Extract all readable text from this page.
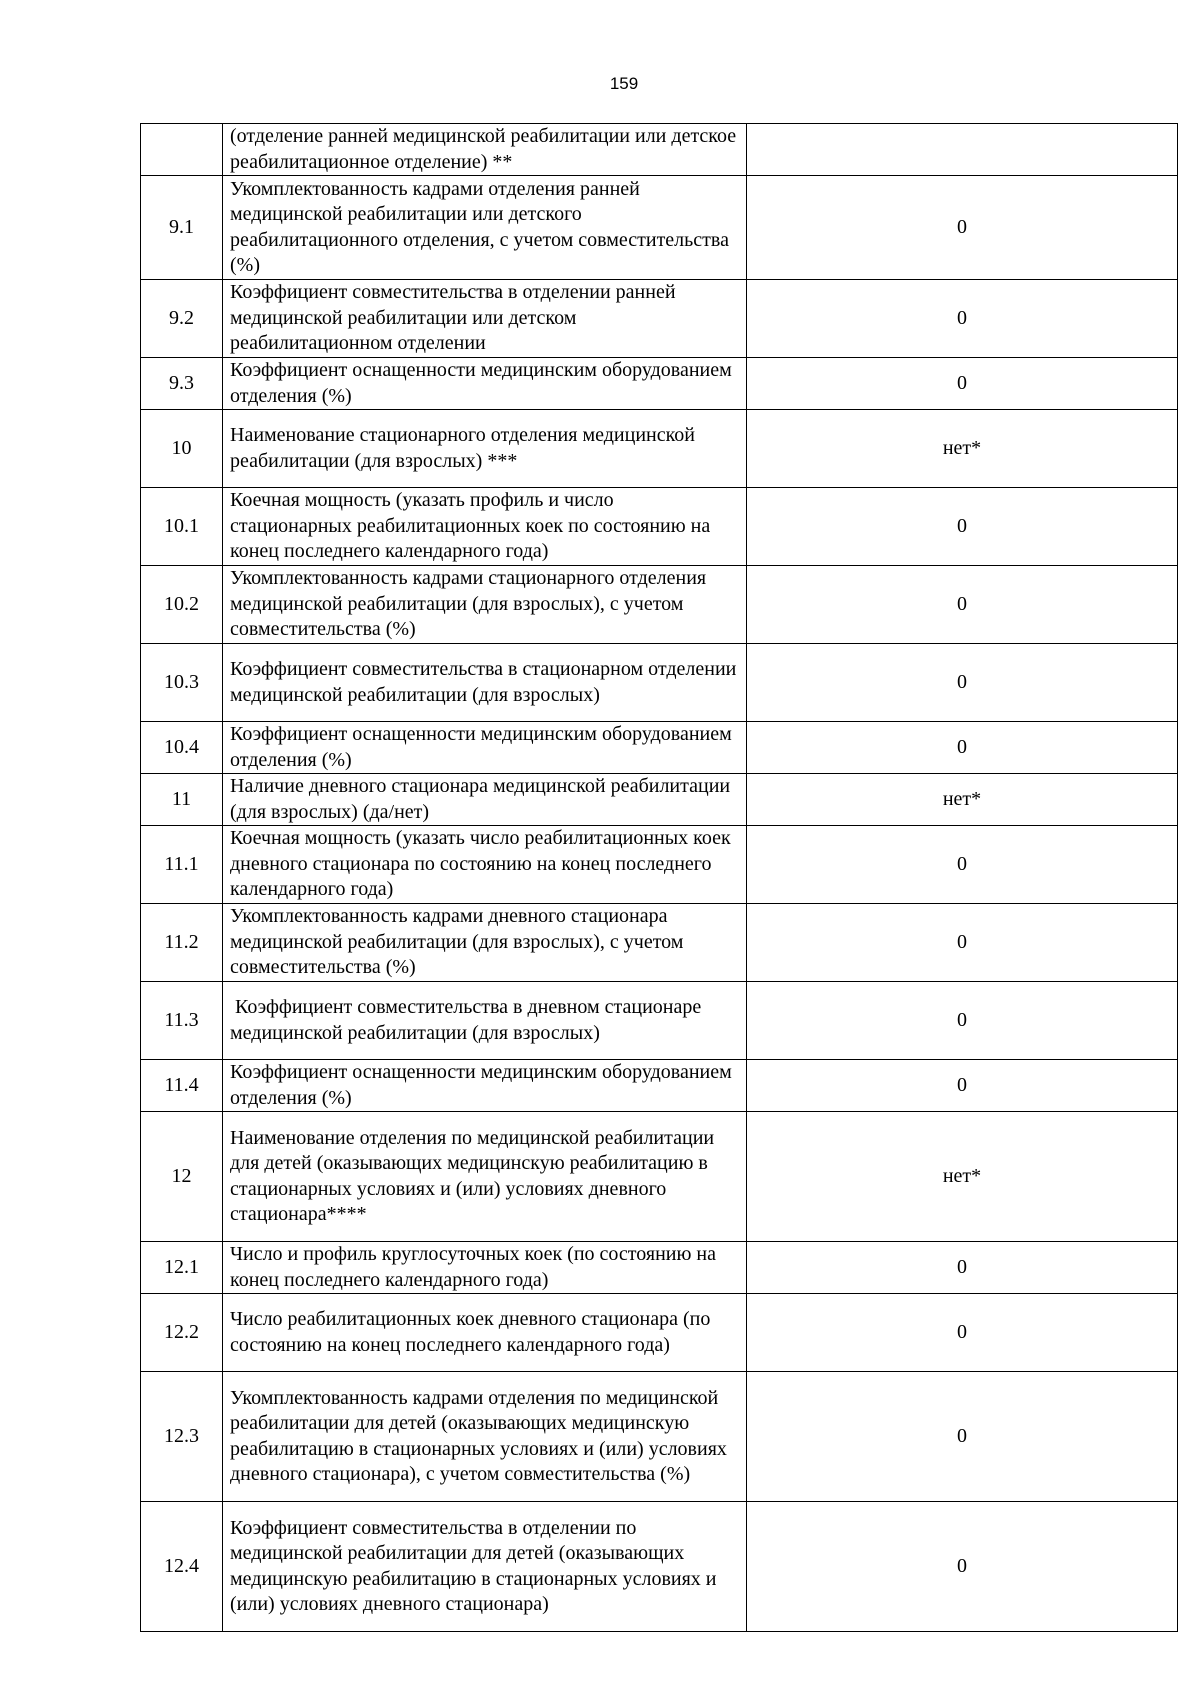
159
	(отделение ранней медицинской реабилитации или детское реабилитационное отделение) **	
9.1	Укомплектованность кадрами отделения ранней медицинской реабилитации или детского реабилитационного отделения, с учетом совместительства (%)	0
9.2	Коэффициент совместительства в отделении ранней медицинской реабилитации или детском реабилитационном отделении	0
9.3	Коэффициент оснащенности медицинским оборудованием отделения (%)	0
10	Наименование стационарного отделения медицинской реабилитации (для взрослых) ***	нет*
10.1	Коечная мощность (указать профиль и число стационарных реабилитационных коек по состоянию на конец последнего календарного года)	0
10.2	Укомплектованность кадрами стационарного отделения медицинской реабилитации (для взрослых), с учетом совместительства (%)	0
10.3	Коэффициент совместительства в стационарном отделении медицинской реабилитации (для взрослых)	0
10.4	Коэффициент оснащенности медицинским оборудованием отделения (%)	0
11	Наличие дневного стационара медицинской реабилитации (для взрослых) (да/нет)	нет*
11.1	Коечная мощность (указать число реабилитационных коек дневного стационара по состоянию на конец последнего календарного года)	0
11.2	Укомплектованность кадрами дневного стационара медицинской реабилитации (для взрослых), с учетом совместительства (%)	0
11.3	Коэффициент совместительства в дневном стационаре медицинской реабилитации (для взрослых)	0
11.4	Коэффициент оснащенности медицинским оборудованием отделения (%)	0
12	Наименование отделения по медицинской реабилитации для детей (оказывающих медицинскую реабилитацию в стационарных условиях и (или) условиях дневного стационара****	нет*
12.1	Число и профиль круглосуточных коек (по состоянию на конец последнего календарного года)	0
12.2	Число реабилитационных коек дневного стационара (по состоянию на конец последнего календарного года)	0
12.3	Укомплектованность кадрами отделения по медицинской реабилитации для детей (оказывающих медицинскую реабилитацию в стационарных условиях и (или) условиях дневного стационара), с учетом совместительства (%)	0
12.4	Коэффициент совместительства в отделении по медицинской реабилитации для детей (оказывающих медицинскую реабилитацию в стационарных условиях и (или) условиях дневного стационара)	0
